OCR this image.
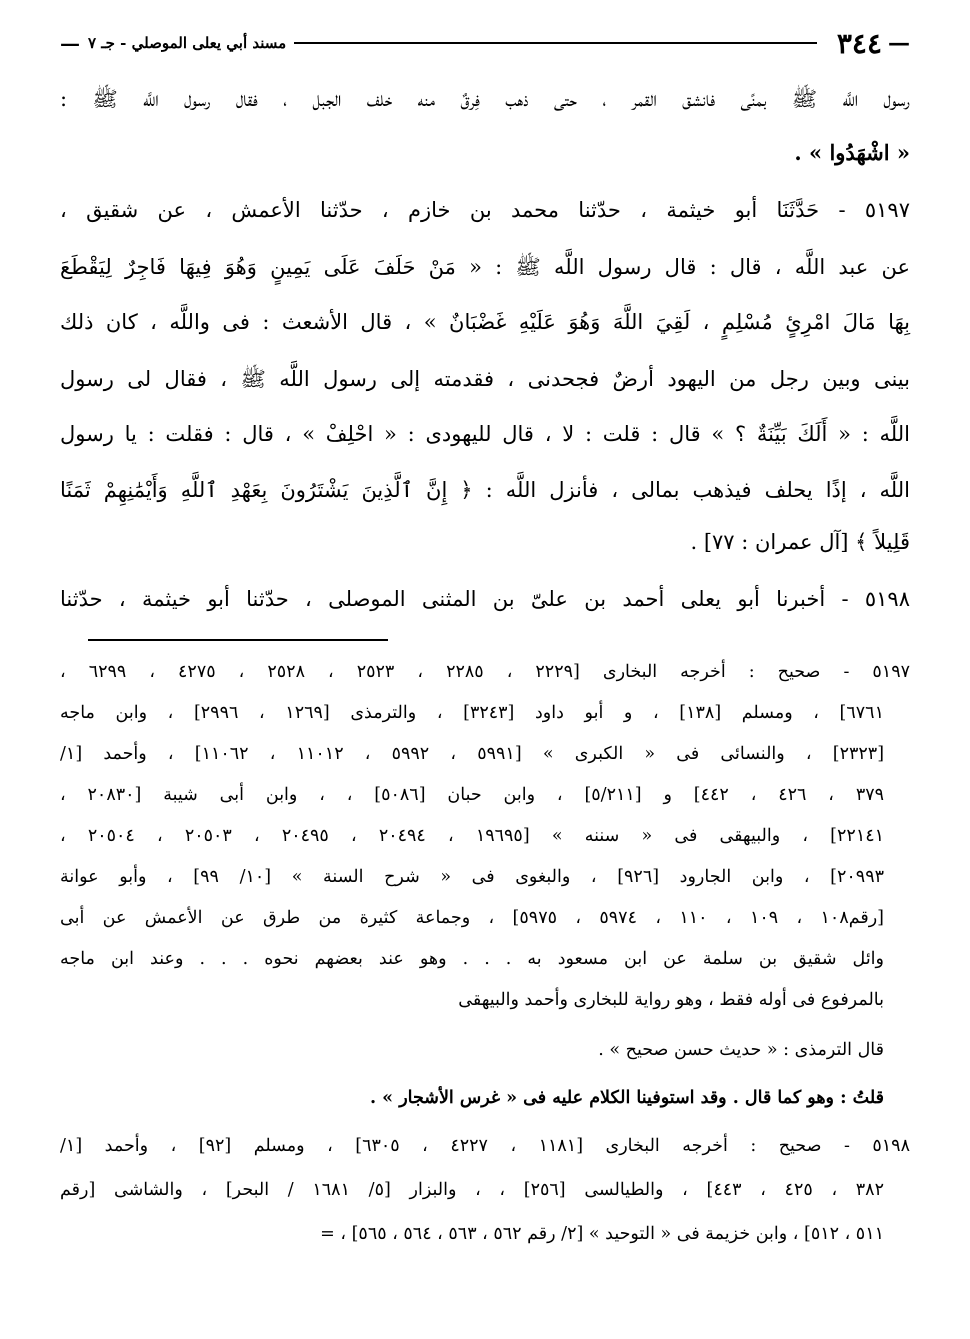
—
٣٤٤
مسند أبي يعلى الموصلي - جـ ٧
—
رسول اللَّه ﷺ بمنًى فانشق القمر ، حتى ذهب فِرقٌ منه خلف الجبل ، فقال رسول اللَّه ﷺ :
« اشْهَدُوا » .
٥١٩٧ - حَدَّثَنَا أبو خيثمة ، حدّثنا محمد بن خازم ، حدّثنا الأعمش ، عن شقيق ،
عن عبد اللَّه ، قال : قال رسول اللَّه ﷺ : « مَنْ حَلَفَ عَلَى يَمِينٍ وَهُوَ فِيهَا فَاجِرٌ لِيَقْطَعَ
بِهَا مَالَ امْرِئٍ مُسْلِمٍ ، لَقِيَ اللَّهَ وَهُوَ عَلَيْهِ غَضْبَانٌ » ، قال الأشعث : فى واللَّه ، كان ذلك
بينى وبين رجل من اليهود أرضٌ فجحدنى ، فقدمته إلى رسول اللَّه ﷺ ، فقال لى رسول
اللَّه : « أَلَكَ بَيِّنَةٌ ؟ » قال : قلت : لا ، قال لليهودى : « احْلِفْ » ، قال : فقلت : يا رسول
اللَّه ، إذًا يحلف فيذهب بمالى ، فأنزل اللَّه : ﴿ إِنَّ ٱلَّذِينَ يَشْتَرُونَ بِعَهْدِ ٱللَّهِ وَأَيْمَٰنِهِمْ ثَمَنًا
قَلِيلاً ﴾ [آل عمران : ٧٧] .
٥١٩٨ - أخبرنا أبو يعلى أحمد بن علىّ بن المثنى الموصلى ، حدّثنا أبو خيثمة ، حدّثنا
٥١٩٧ - صحيح : أخرجه البخارى [٢٢٢٩ ، ٢٢٨٥ ، ٢٥٢٣ ، ٢٥٢٨ ، ٤٢٧٥ ، ٦٢٩٩ ،
٦٧٦١] ، ومسلم [١٣٨] ، و أبو داود [٣٢٤٣] ، والترمذى [١٢٦٩ ، ٢٩٩٦] ، وابن ماجه
[٢٣٢٣] ، والنسائى فى « الكبرى » [٥٩٩١ ، ٥٩٩٢ ، ١١٠١٢ ، ١١٠٦٢] ، وأحمد [١/
٣٧٩ ، ٤٢٦ ، ٤٤٢] و [٥/٢١١] ، وابن حبان [٥٠٨٦] ، ، وابن أبى شيبة [٢٠٨٣٠ ،
٢٢١٤١] ، والبيهقى فى « سننه » [١٩٦٩٥ ، ٢٠٤٩٤ ، ٢٠٤٩٥ ، ٢٠٥٠٣ ، ٢٠٥٠٤ ،
٢٠٩٩٣] ، وابن الجارود [٩٢٦] ، والبغوى فى « شرح السنة » [١٠/ ٩٩] ، وأبو عوانة
[رقم١٠٨ ، ١٠٩ ، ١١٠ ، ٥٩٧٤ ، ٥٩٧٥] ، وجماعة كثيرة من طرق عن الأعمش عن أبى
وائل شقيق بن سلمة عن ابن مسعود به . . . وهو عند بعضهم نحوه . . . وعند ابن ماجه
بالمرفوع فى أوله فقط ، وهو رواية للبخارى وأحمد والبيهقى
قال الترمذى : « حديث حسن صحيح » .
قلتُ : وهو كما قال . وقد استوفينا الكلام عليه فى « غرس الأشجار » .
٥١٩٨ - صحيح : أخرجه البخارى [١١٨١ ، ٤٢٢٧ ، ٦٣٠٥] ، ومسلم [٩٢] ، وأحمد [١/
٣٨٢ ، ٤٢٥ ، ٤٤٣] ، والطيالسى [٢٥٦] ، ، والبزار [٥/ ١٦٨١ / البحر] ، والشاشى [رقم
٥١١ ، ٥١٢] ، وابن خزيمة فى « التوحيد » [٢/ رقم ٥٦٢ ، ٥٦٣ ، ٥٦٤ ، ٥٦٥] ، =
